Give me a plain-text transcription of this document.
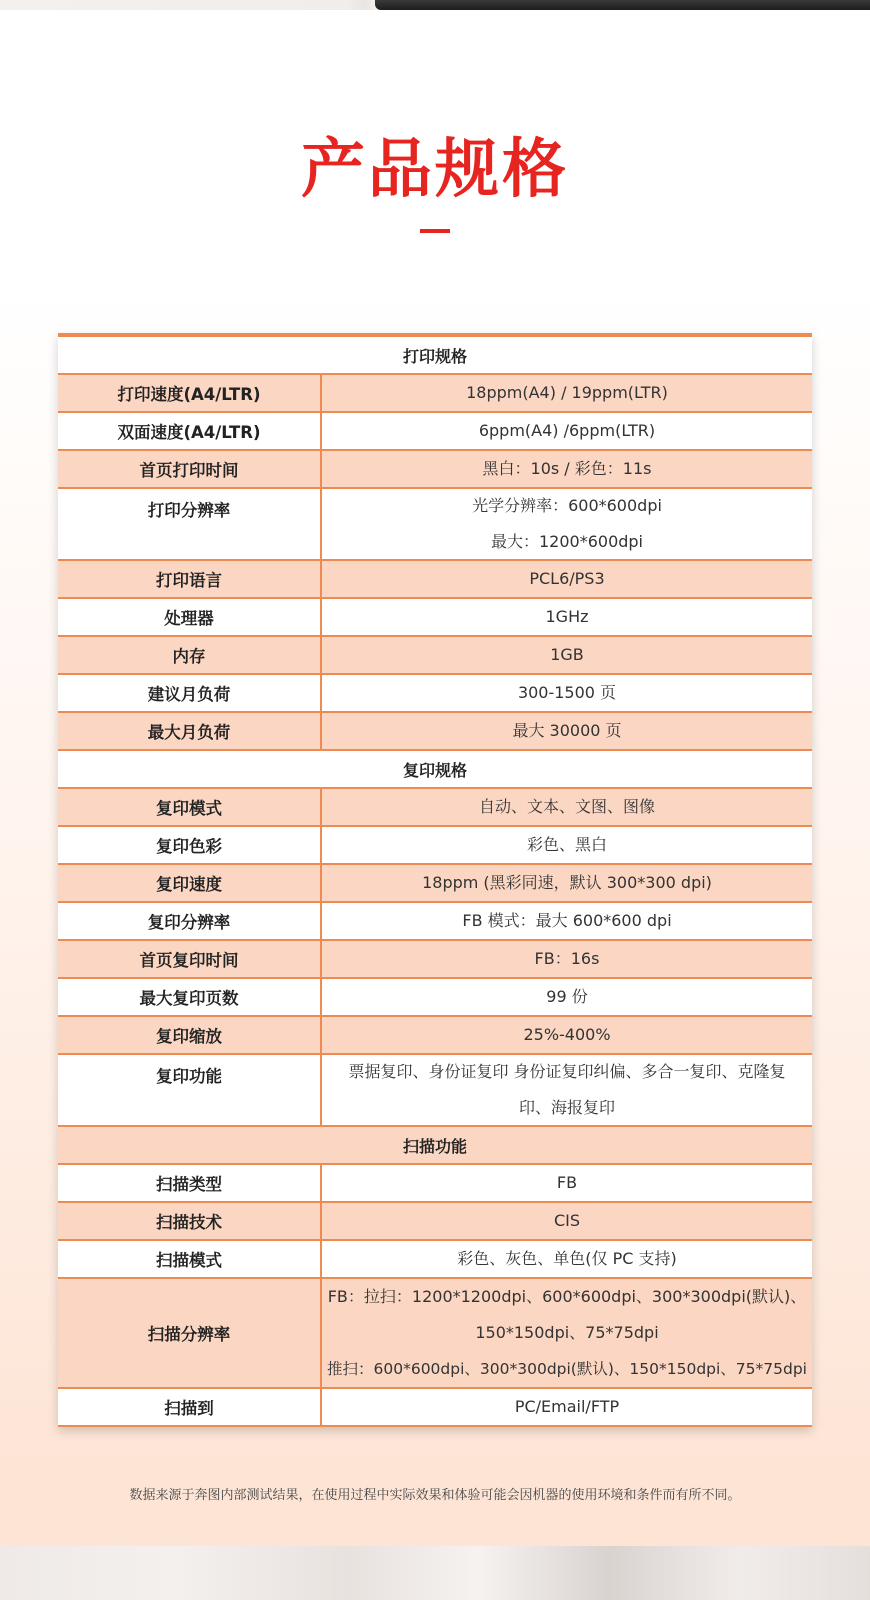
产品规格
打印规格
打印速度(A4/LTR)	18ppm(A4) / 19ppm(LTR)
双面速度(A4/LTR)	6ppm(A4) /6ppm(LTR)
首页打印时间	黑白：10s / 彩色：11s
打印分辨率	光学分辨率：600*600dpi
最大：1200*600dpi
打印语言	PCL6/PS3
处理器	1GHz
内存	1GB
建议月负荷	300-1500 页
最大月负荷	最大 30000 页
复印规格
复印模式	自动、文本、文图、图像
复印色彩	彩色、黑白
复印速度	18ppm (黑彩同速，默认 300*300 dpi)
复印分辨率	FB 模式：最大 600*600 dpi
首页复印时间	FB：16s
最大复印页数	99 份
复印缩放	25%-400%
复印功能	票据复印、身份证复印 身份证复印纠偏、多合一复印、克隆复
印、海报复印
扫描功能
扫描类型	FB
扫描技术	CIS
扫描模式	彩色、灰色、单色(仅 PC 支持)
扫描分辨率
FB：拉扫：1200*1200dpi、600*600dpi、300*300dpi(默认)、
150*150dpi、75*75dpi
推扫：600*600dpi、300*300dpi(默认)、150*150dpi、75*75dpi
扫描到	PC/Email/FTP

数据来源于奔图内部测试结果，在使用过程中实际效果和体验可能会因机器的使用环境和条件而有所不同。
